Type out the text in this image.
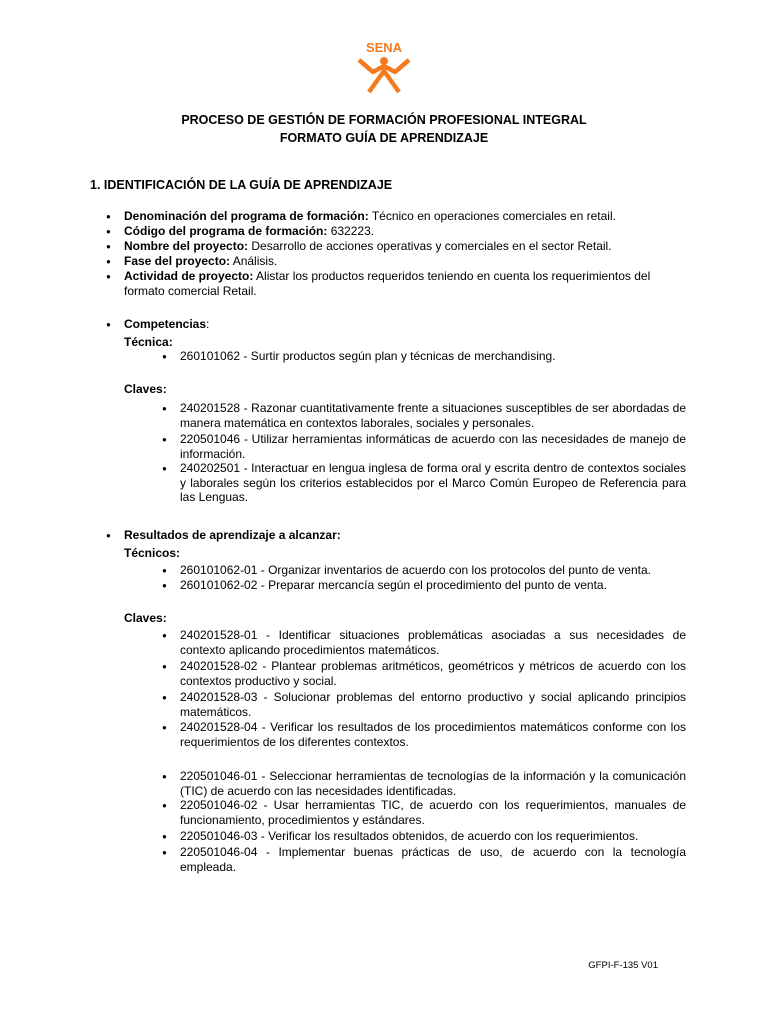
SENA
PROCESO DE GESTIÓN DE FORMACIÓN PROFESIONAL INTEGRAL
FORMATO GUÍA DE APRENDIZAJE
1. IDENTIFICACIÓN DE LA GUÍA DE APRENDIZAJE
● Denominación del programa de formación: Técnico en operaciones comerciales en retail.
● Código del programa de formación: 632223.
● Nombre del proyecto: Desarrollo de acciones operativas y comerciales en el sector Retail.
● Fase del proyecto: Análisis.
● Actividad de proyecto: Alistar los productos requeridos teniendo en cuenta los requerimientos del formato comercial Retail.
● Competencias:
Técnica:
● 260101062 - Surtir productos según plan y técnicas de merchandising.
Claves:
● 240201528 - Razonar cuantitativamente frente a situaciones susceptibles de ser abordadas de manera matemática en contextos laborales, sociales y personales.
● 220501046 - Utilizar herramientas informáticas de acuerdo con las necesidades de manejo de información.
● 240202501 - Interactuar en lengua inglesa de forma oral y escrita dentro de contextos sociales y laborales según los criterios establecidos por el Marco Común Europeo de Referencia para las Lenguas.
● Resultados de aprendizaje a alcanzar:
Técnicos:
● 260101062-01 - Organizar inventarios de acuerdo con los protocolos del punto de venta.
● 260101062-02 - Preparar mercancía según el procedimiento del punto de venta.
Claves:
● 240201528-01 - Identificar situaciones problemáticas asociadas a sus necesidades de contexto aplicando procedimientos matemáticos.
● 240201528-02 - Plantear problemas aritméticos, geométricos y métricos de acuerdo con los contextos productivo y social.
● 240201528-03 - Solucionar problemas del entorno productivo y social aplicando principios matemáticos.
● 240201528-04 - Verificar los resultados de los procedimientos matemáticos conforme con los requerimientos de los diferentes contextos.
● 220501046-01 - Seleccionar herramientas de tecnologías de la información y la comunicación (TIC) de acuerdo con las necesidades identificadas.
● 220501046-02 - Usar herramientas TIC, de acuerdo con los requerimientos, manuales de funcionamiento, procedimientos y estándares.
● 220501046-03 - Verificar los resultados obtenidos, de acuerdo con los requerimientos.
● 220501046-04 - Implementar buenas prácticas de uso, de acuerdo con la tecnología empleada.
GFPI-F-135 V01
